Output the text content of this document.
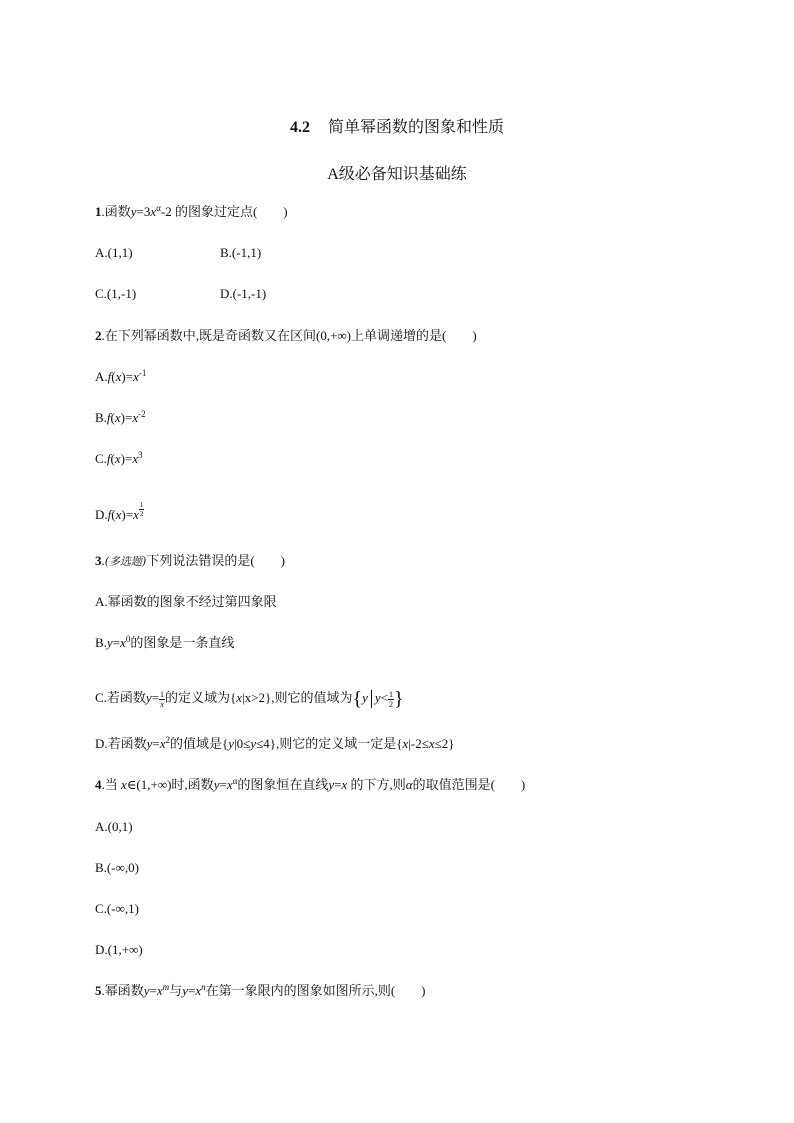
4.2 简单幂函数的图象和性质
A级必备知识基础练
1.函数$y=3x^\alpha-2$ 的图象过定点(　　)
A.(1,1)	B.(-1,1)
C.(1,-1)	D.(-1,-1)
2.在下列幂函数中,既是奇函数又在区间(0,+∞)上单调递增的是(　　)
$A.f(x)=x^{-1}$
$B.f(x)=x^{-2}$
$C.f(x)=x^3$
$D.f(x)=x \frac{1}{2}$
3.(多选题)下列说法错误的是(　　)
A.幂函数的图象不经过第四象限
$B.y=x^0$的图象是一条直线
C.若函数$y= \frac{1}{x}$ 的定义域为{x|x>2},则它的值域为{y $y< \frac{1}{2}$ }
D.若函数$y=x^2$的值域是{y|0≤y≤4},则它的定义域一定是{x|-2≤x≤2}
4.当 x∈(1,+∞)时,函数$y=x^\alpha$的图象恒在直线y=x 的下方,则α的取值范围是(　　)
A.(0,1)
B.(-∞,0)
C.(-∞,1)
D.(1,+∞)
5.幂函数$y=x^m$与$y=x^n$在第一象限内的图象如图所示,则(　　)
